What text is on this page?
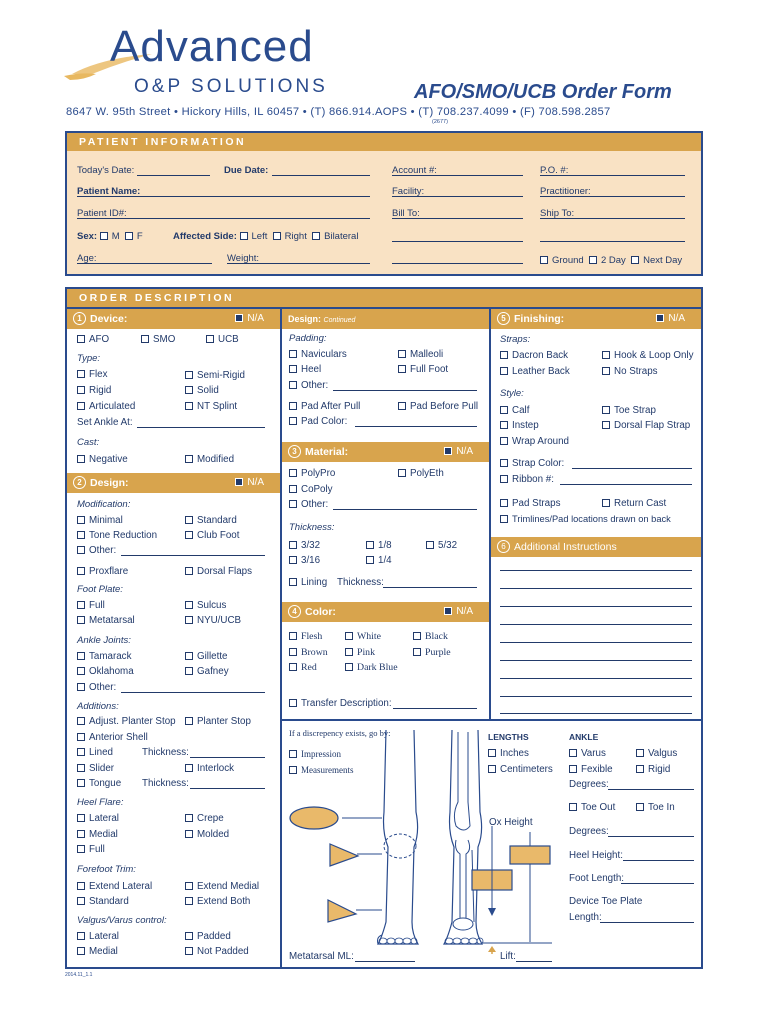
Advanced
O&P SOLUTIONS	AFO/SMO/UCB Order Form
8647 W. 95th Street • Hickory Hills, IL 60457 • (T) 866.914.AOPS • (T) 708.237.4099 • (F) 708.598.2857
(2677)
PATIENT INFORMATION
Today's Date:	Due Date:	Account #:	P.O. #:
Patient Name:	Facility:	Practitioner:
Patient ID#:	Bill To:	Ship To:
Sex: M F	Affected Side: Left Right Bilateral
Age:	Weight:	Ground 2 Day Next Day
ORDER DESCRIPTION
1 Device:	N/A
AFO	SMO	UCB
Type:
Flex	Semi-Rigid
Rigid	Solid
Articulated	NT Splint
Set Ankle At:
Cast:
Negative	Modified
2 Design:	N/A
Modification:
Minimal	Standard
Tone Reduction	Club Foot
Other:
Proxflare	Dorsal Flaps
Foot Plate:
Full	Sulcus
Metatarsal	NYU/UCB
Ankle Joints:
Tamarack	Gillette
Oklahoma	Gafney
Other:
Additions:
Adjust. Planter Stop	Planter Stop
Anterior Shell
Lined	Thickness:
Slider	Interlock
Tongue Thickness:
Heel Flare:
Lateral	Crepe
Medial	Molded
Full
Forefoot Trim:
Extend Lateral	Extend Medial
Standard	Extend Both
Valgus/Varus control:
Lateral	Padded
Medial	Not Padded
Design: Continued
Padding:
Naviculars	Malleoli
Heel	Full Foot
Other:
Pad After Pull	Pad Before Pull
Pad Color:
3 Material:	N/A
PolyPro	PolyEth
CoPoly
Other:
Thickness:
3/32	1/8	5/32
3/16	1/4
Lining Thickness:
4 Color:	N/A
Flesh	White	Black
Brown	Pink	Purple
Red	Dark Blue
Transfer Description:
5 Finishing:	N/A
Straps:
Dacron Back	Hook & Loop Only
Leather Back	No Straps
Style:
Calf	Toe Strap
Instep	Dorsal Flap Strap
Wrap Around
Strap Color:
Ribbon #:
Pad Straps	Return Cast
Trimlines/Pad locations drawn on back
6 Additional Instructions
If a discrepency exists, go by:
Impression
Measurements
Ox Height
Metatarsal ML:	Lift:
LENGTHS
Inches
Centimeters
ANKLE
Varus	Valgus
Fexible	Rigid
Degrees:
Toe Out	Toe In
Degrees:
Heel Height:
Foot Length:
Device Toe Plate
Length:
2014.11_1.1
